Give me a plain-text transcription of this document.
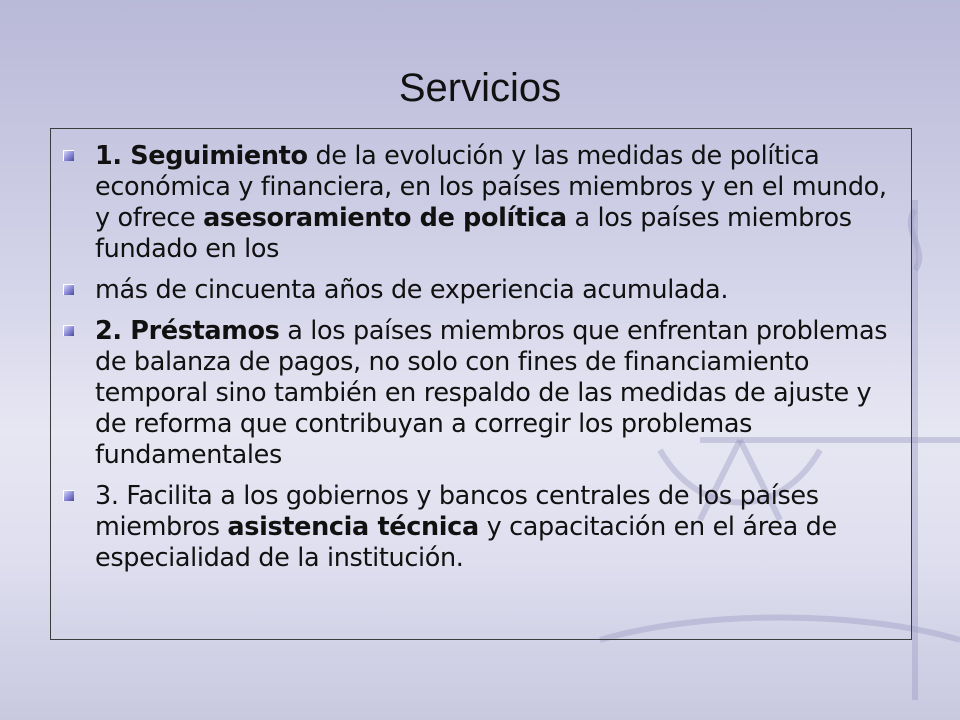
Servicios
1. Seguimiento de la evolución y las medidas de política económica y financiera, en los países miembros y en el mundo, y ofrece asesoramiento de política a los países miembros fundado en los
más de cincuenta años de experiencia acumulada.
2. Préstamos a los países miembros que enfrentan problemas de balanza de pagos, no solo con fines de financiamiento temporal sino también en respaldo de las medidas de ajuste y de reforma que contribuyan a corregir los problemas fundamentales
3. Facilita a los gobiernos y bancos centrales de los países miembros asistencia técnica y capacitación en el área de especialidad de la institución.
